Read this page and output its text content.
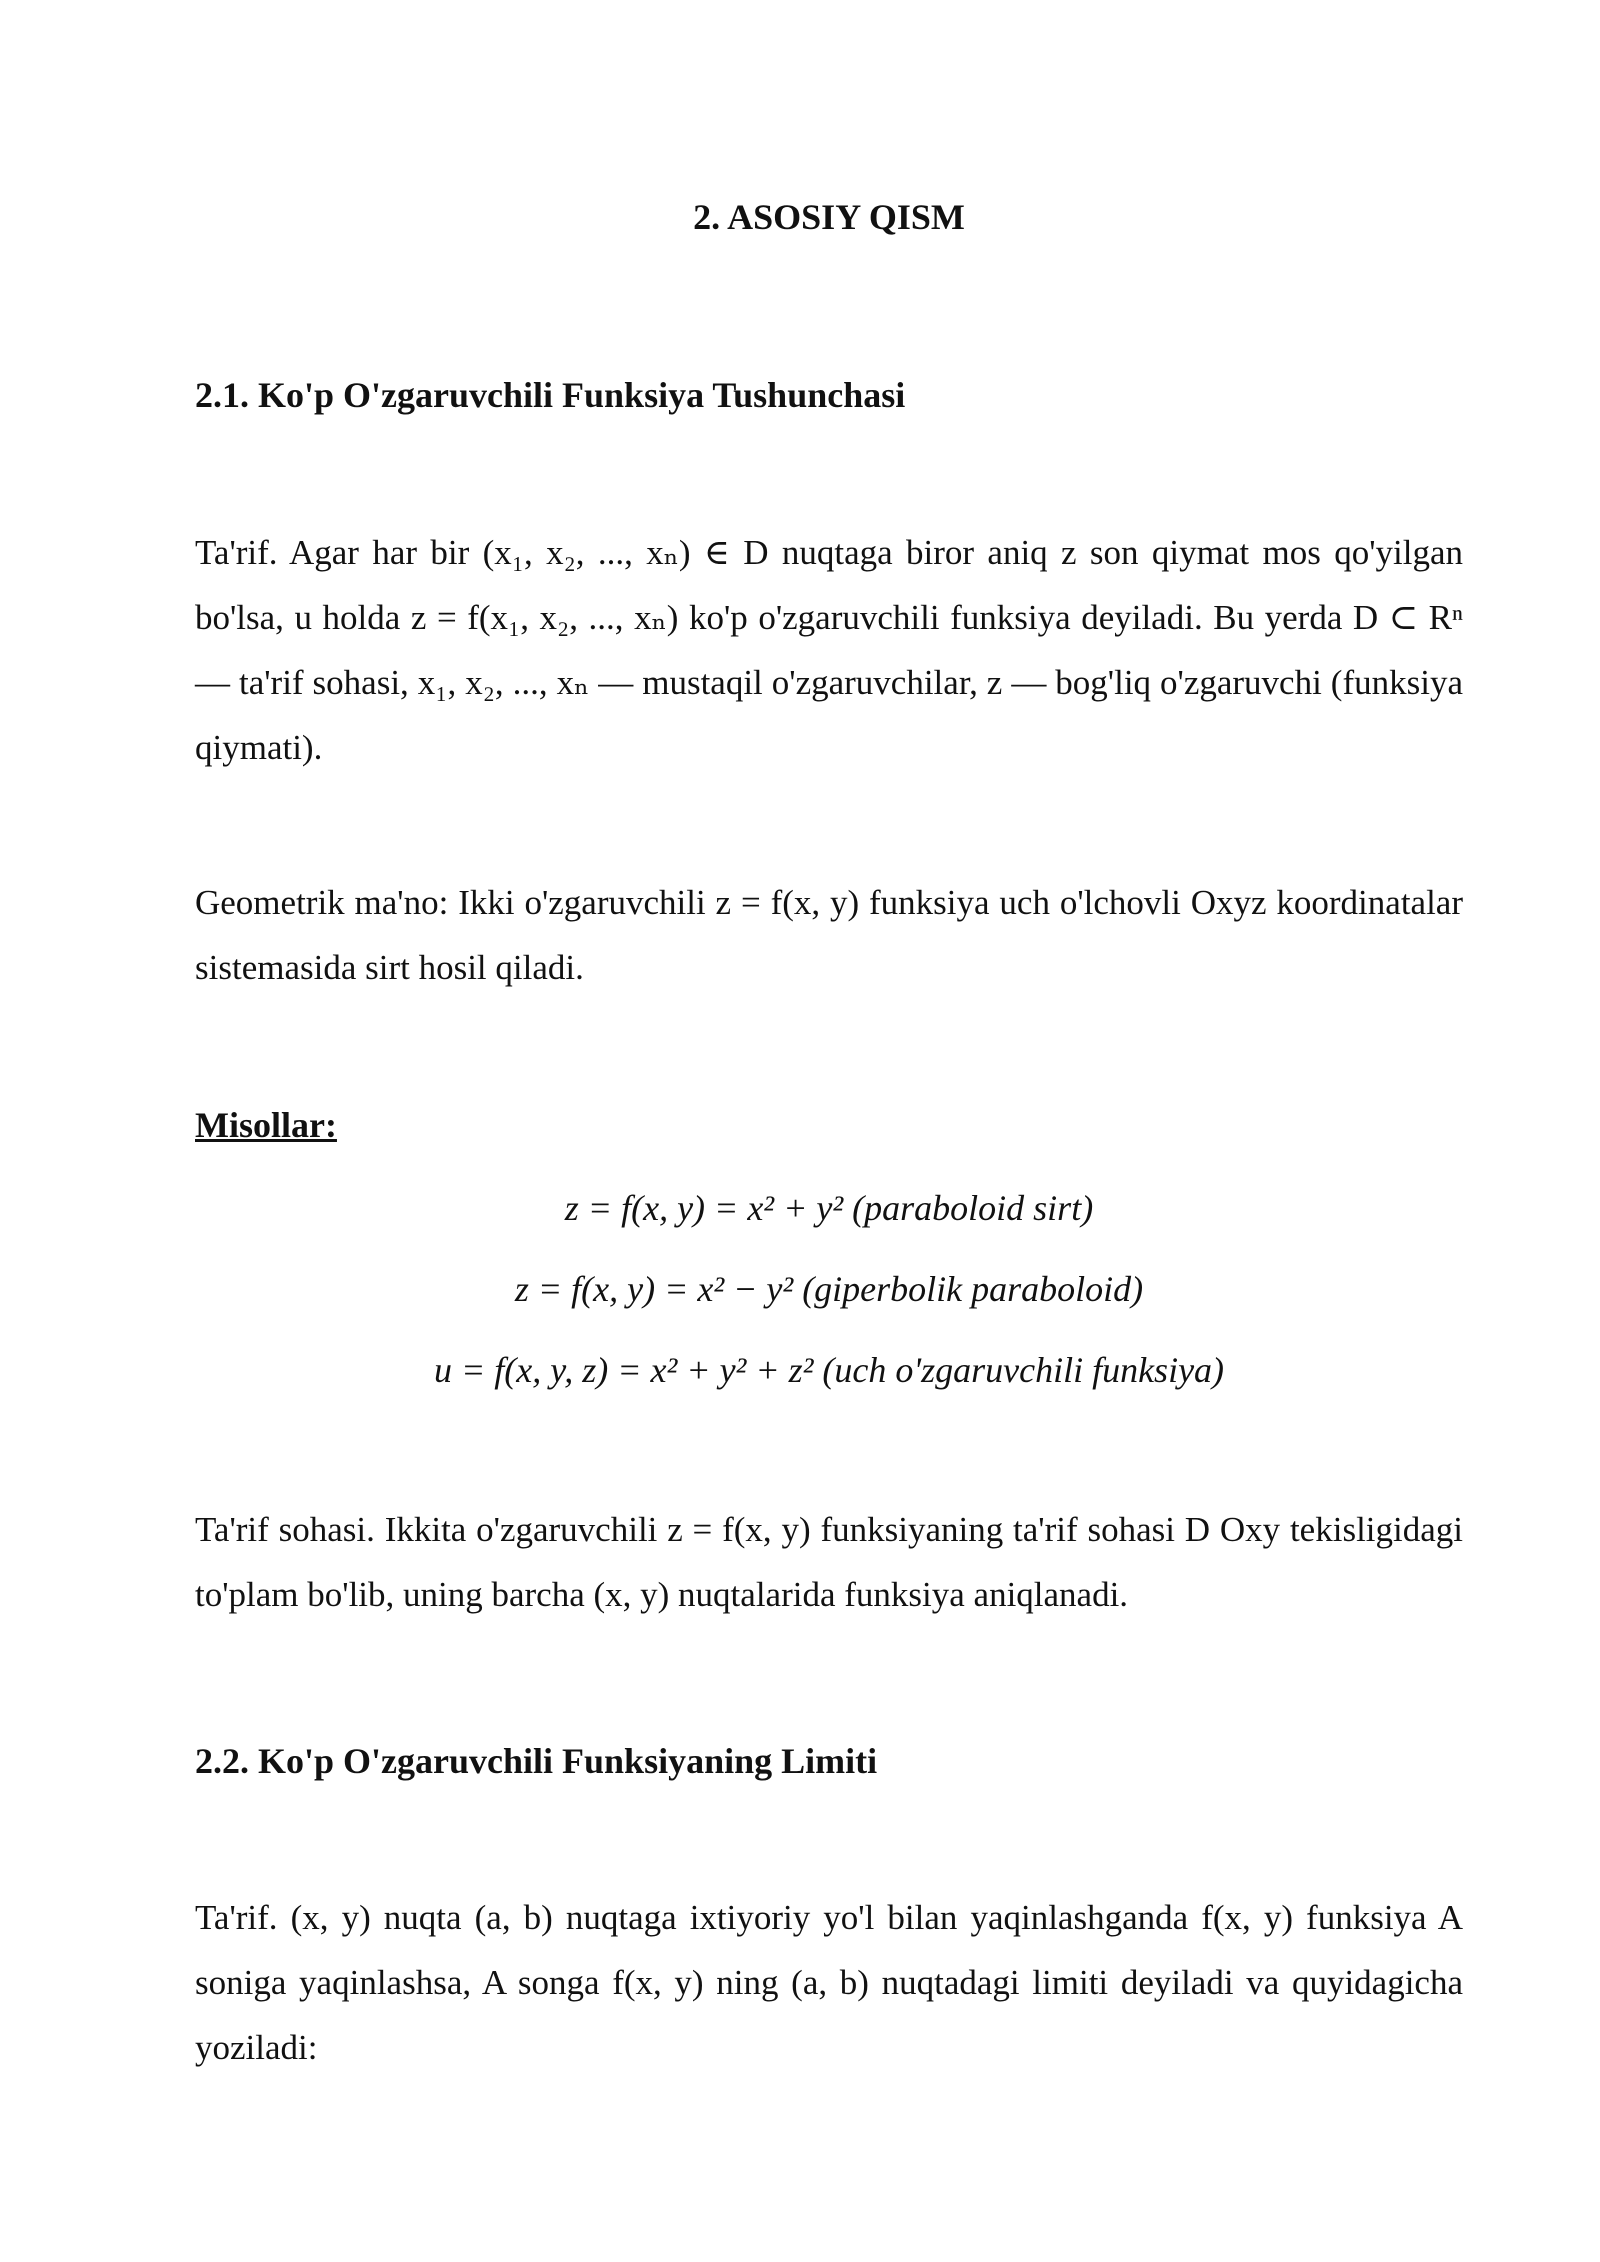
2. ASOSIY QISM
2.1. Ko'p O'zgaruvchili Funksiya Tushunchasi

Ta'rif. Agar har bir (x₁, x₂, ..., xₙ) ∈ D nuqtaga biror aniq z son qiymat mos qo'yilgan bo'lsa, u holda z = f(x₁, x₂, ..., xₙ) ko'p o'zgaruvchili funksiya deyiladi. Bu yerda D ⊂ Rⁿ — ta'rif sohasi, x₁, x₂, ..., xₙ — mustaqil o'zgaruvchilar, z — bog'liq o'zgaruvchi (funksiya qiymati).

Geometrik ma'no: Ikki o'zgaruvchili z = f(x, y) funksiya uch o'lchovli Oxyz koordinatalar sistemasida sirt hosil qiladi.

Misollar:

z = f(x, y) = x² + y² (paraboloid sirt)

z = f(x, y) = x² − y² (giperbolik paraboloid)

u = f(x, y, z) = x² + y² + z² (uch o'zgaruvchili funksiya)

Ta'rif sohasi. Ikkita o'zgaruvchili z = f(x, y) funksiyaning ta'rif sohasi D Oxy tekisligidagi to'plam bo'lib, uning barcha (x, y) nuqtalarida funksiya aniqlanadi.

2.2. Ko'p O'zgaruvchili Funksiyaning Limiti

Ta'rif. (x, y) nuqta (a, b) nuqtaga ixtiyoriy yo'l bilan yaqinlashganda f(x, y) funksiya A soniga yaqinlashsa, A songa f(x, y) ning (a, b) nuqtadagi limiti deyiladi va quyidagicha yoziladi:
